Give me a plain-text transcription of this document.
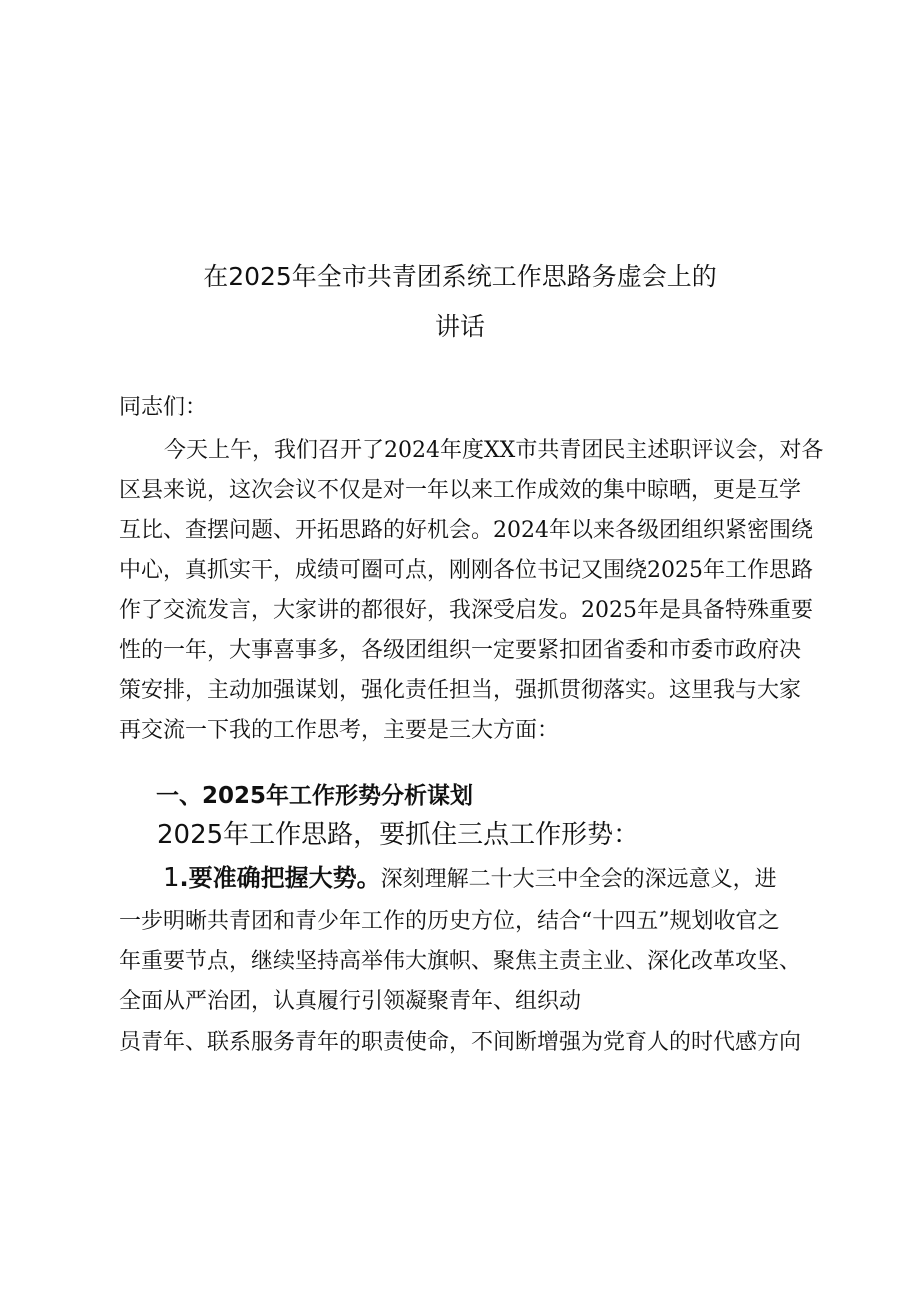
在2025年全市共青团系统工作思路务虚会上的
讲话
同志们：
今天上午，我们召开了2024年度XX市共青团民主述职评议会，对各
区县来说，这次会议不仅是对一年以来工作成效的集中晾晒，更是互学
互比、查摆问题、开拓思路的好机会。2024年以来各级团组织紧密围绕
中心，真抓实干，成绩可圈可点，刚刚各位书记又围绕2025年工作思路
作了交流发言，大家讲的都很好，我深受启发。2025年是具备特殊重要
性的一年，大事喜事多，各级团组织一定要紧扣团省委和市委市政府决
策安排，主动加强谋划，强化责任担当，强抓贯彻落实。这里我与大家
再交流一下我的工作思考，主要是三大方面：
一、2025年工作形势分析谋划
2025年工作思路，要抓住三点工作形势：
1.要准确把握大势。深刻理解二十大三中全会的深远意义，进
一步明晰共青团和青少年工作的历史方位，结合“十四五”规划收官之
年重要节点，继续坚持高举伟大旗帜、聚焦主责主业、深化改革攻坚、
全面从严治团，认真履行引领凝聚青年、组织动
员青年、联系服务青年的职责使命，不间断增强为党育人的时代感方向
